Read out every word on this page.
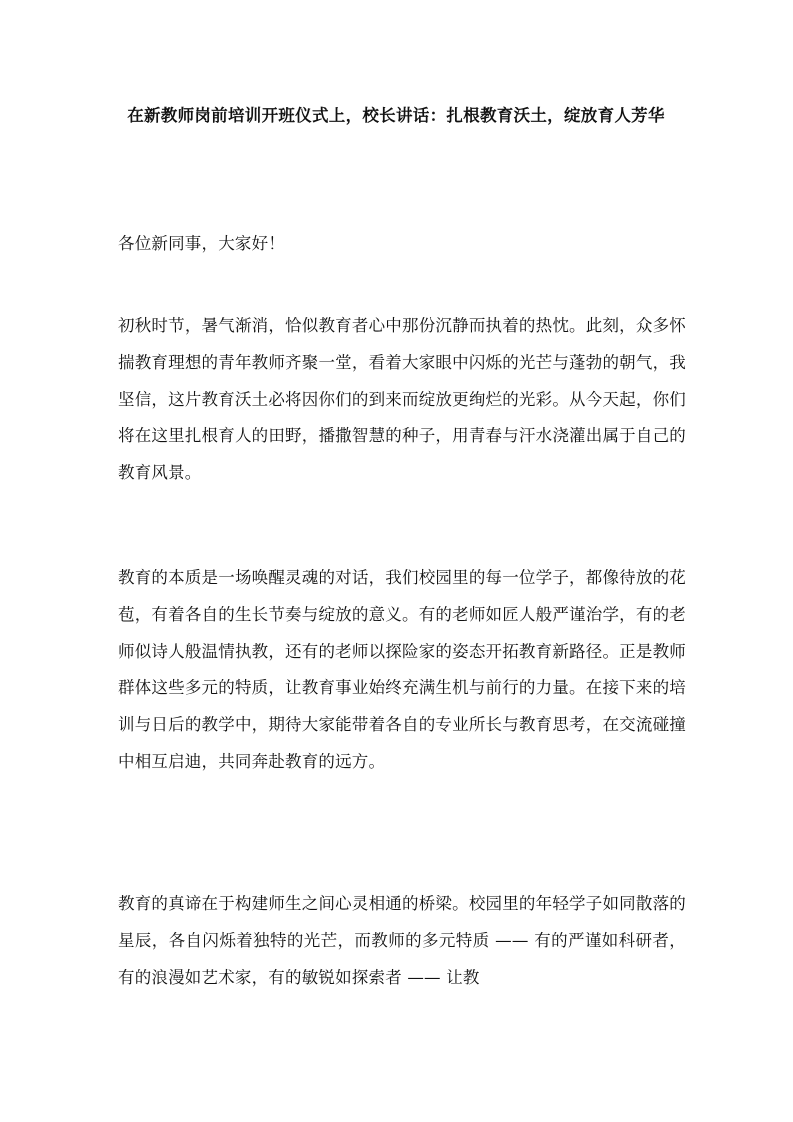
在新教师岗前培训开班仪式上，校长讲话：扎根教育沃土，绽放育人芳华

各位新同事，大家好！

初秋时节，暑气渐消，恰似教育者心中那份沉静而执着的热忱。此刻，众多怀揣教育理想的青年教师齐聚一堂，看着大家眼中闪烁的光芒与蓬勃的朝气，我坚信，这片教育沃土必将因你们的到来而绽放更绚烂的光彩。从今天起，你们将在这里扎根育人的田野，播撒智慧的种子，用青春与汗水浇灌出属于自己的教育风景。

教育的本质是一场唤醒灵魂的对话，我们校园里的每一位学子，都像待放的花苞，有着各自的生长节奏与绽放的意义。有的老师如匠人般严谨治学，有的老师似诗人般温情执教，还有的老师以探险家的姿态开拓教育新路径。正是教师群体这些多元的特质，让教育事业始终充满生机与前行的力量。在接下来的培训与日后的教学中，期待大家能带着各自的专业所长与教育思考，在交流碰撞中相互启迪，共同奔赴教育的远方。

教育的真谛在于构建师生之间心灵相通的桥梁。校园里的年轻学子如同散落的星辰，各自闪烁着独特的光芒，而教师的多元特质 —— 有的严谨如科研者，有的浪漫如艺术家，有的敏锐如探索者 —— 让教
